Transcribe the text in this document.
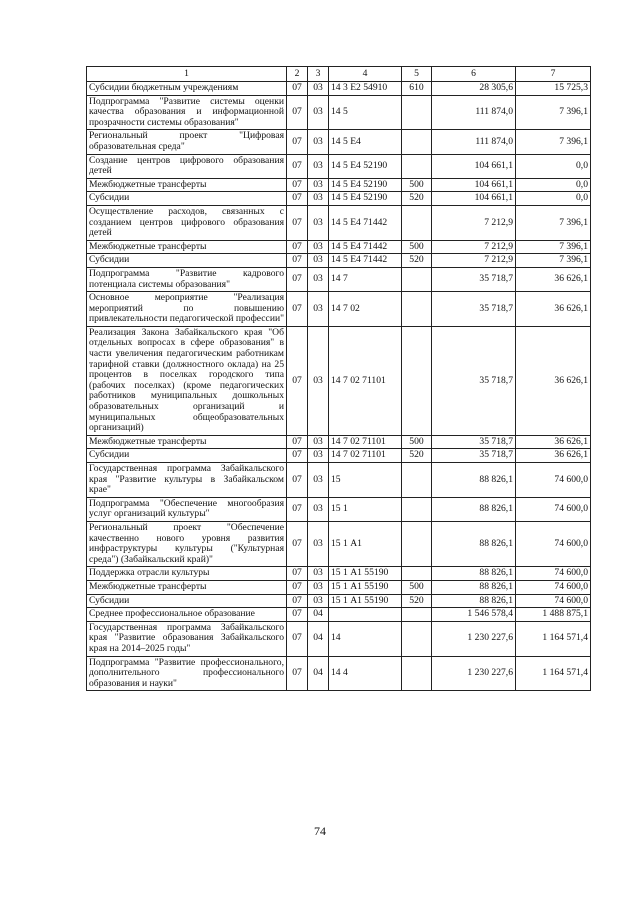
1	2	3	4	5	6	7
Субсидии бюджетным учреждениям	07	03	14 3 Е2 54910	610	28 305,6	15 725,3
Подпрограмма "Развитие системы оценки качества образования и информационной прозрачности системы образования"	07	03	14 5		111 874,0	7 396,1
Региональный проект "Цифровая образовательная среда"	07	03	14 5 Е4		111 874,0	7 396,1
Создание центров цифрового образования детей	07	03	14 5 Е4 52190		104 661,1	0,0
Межбюджетные трансферты	07	03	14 5 Е4 52190	500	104 661,1	0,0
Субсидии	07	03	14 5 Е4 52190	520	104 661,1	0,0
Осуществление расходов, связанных с созданием центров цифрового образования детей	07	03	14 5 Е4 71442		7 212,9	7 396,1
Межбюджетные трансферты	07	03	14 5 Е4 71442	500	7 212,9	7 396,1
Субсидии	07	03	14 5 Е4 71442	520	7 212,9	7 396,1
Подпрограмма "Развитие кадрового потенциала системы образования"	07	03	14 7		35 718,7	36 626,1
Основное мероприятие "Реализация мероприятий по повышению привлекательности педагогической профессии"	07	03	14 7 02		35 718,7	36 626,1
Реализация Закона Забайкальского края "Об отдельных вопросах в сфере образования" в части увеличения педагогическим работникам тарифной ставки (должностного оклада) на 25 процентов в поселках городского типа (рабочих поселках) (кроме педагогических работников муниципальных дошкольных образовательных организаций и муниципальных общеобразовательных организаций)	07	03	14 7 02 71101		35 718,7	36 626,1
Межбюджетные трансферты	07	03	14 7 02 71101	500	35 718,7	36 626,1
Субсидии	07	03	14 7 02 71101	520	35 718,7	36 626,1
Государственная программа Забайкальского края "Развитие культуры в Забайкальском крае"	07	03	15		88 826,1	74 600,0
Подпрограмма "Обеспечение многообразия услуг организаций культуры"	07	03	15 1		88 826,1	74 600,0
Региональный проект "Обеспечение качественно нового уровня развития инфраструктуры культуры ("Культурная среда") (Забайкальский край)"	07	03	15 1 А1		88 826,1	74 600,0
Поддержка отрасли культуры	07	03	15 1 А1 55190		88 826,1	74 600,0
Межбюджетные трансферты	07	03	15 1 А1 55190	500	88 826,1	74 600,0
Субсидии	07	03	15 1 А1 55190	520	88 826,1	74 600,0
Среднее профессиональное образование	07	04			1 546 578,4	1 488 875,1
Государственная программа Забайкальского края "Развитие образования Забайкальского края на 2014–2025 годы"	07	04	14		1 230 227,6	1 164 571,4
Подпрограмма "Развитие профессионального, дополнительного профессионального образования и науки"	07	04	14 4		1 230 227,6	1 164 571,4
74
